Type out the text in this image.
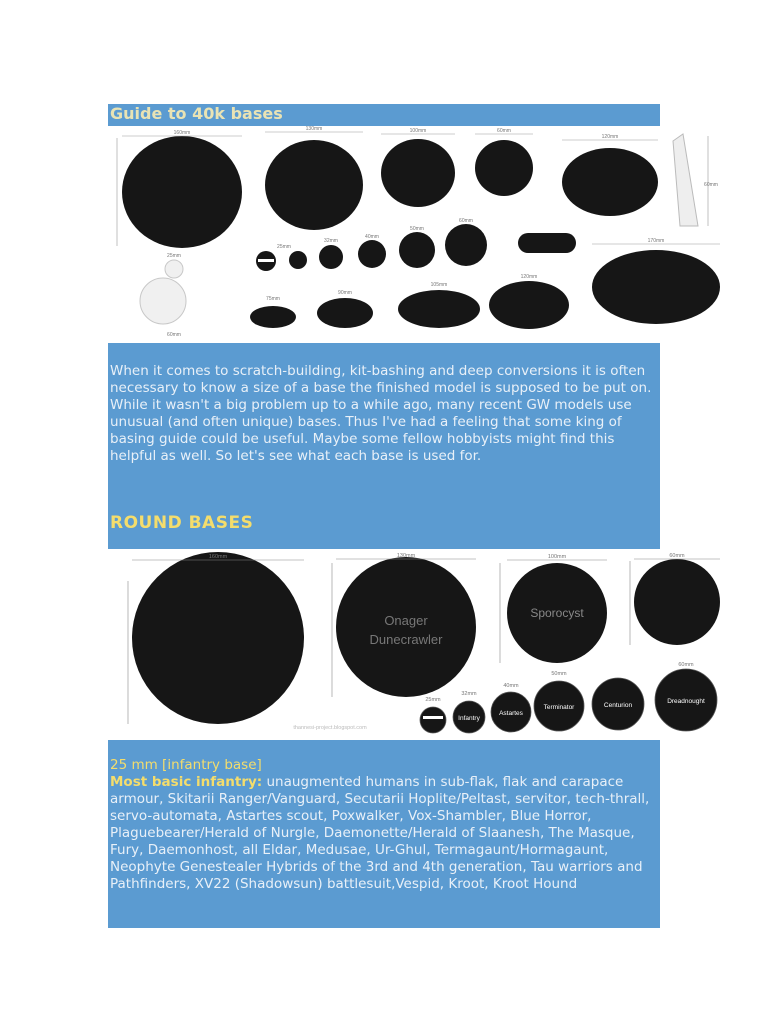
Guide to 40k bases
160mm
130mm	100mm	60mm
120mm
25mm
32mm
40mm
50mm
60mm
170mm
25mm
60mm
75mm
90mm
105mm
120mm
60mm
When it comes to scratch-building, kit-bashing and deep conversions it is often necessary to know a size of a base the finished model is supposed to be put on. While it wasn't a big problem up to a while ago, many recent GW models use unusual (and often unique) bases. Thus I've had a feeling that some king of basing guide could be useful. Maybe some fellow hobbyists might find this helpful as well. So let's see what each base is used for.
ROUND BASES
160mm	130mm	100mm	60mm
25mm
32mm
40mm
50mm
60mm
Onager
Dunecrawler
Sporocyst
Infantry
Astartes
Terminator	Centurion
Dreadnought
thannesi-project.blogspot.com
25 mm [infantry base]
Most basic infantry: unaugmented humans in sub-flak, flak and carapace armour, Skitarii Ranger/Vanguard, Secutarii Hoplite/Peltast, servitor, tech-thrall, servo-automata, Astartes scout, Poxwalker, Vox-Shambler, Blue Horror, Plaguebearer/Herald of Nurgle, Daemonette/Herald of Slaanesh, The Masque, Fury, Daemonhost, all Eldar, Medusae, Ur-Ghul, Termagaunt/Hormagaunt, Neophyte Genestealer Hybrids of the 3rd and 4th generation, Tau warriors and Pathfinders, XV22 (Shadowsun) battlesuit,Vespid, Kroot, Kroot Hound
